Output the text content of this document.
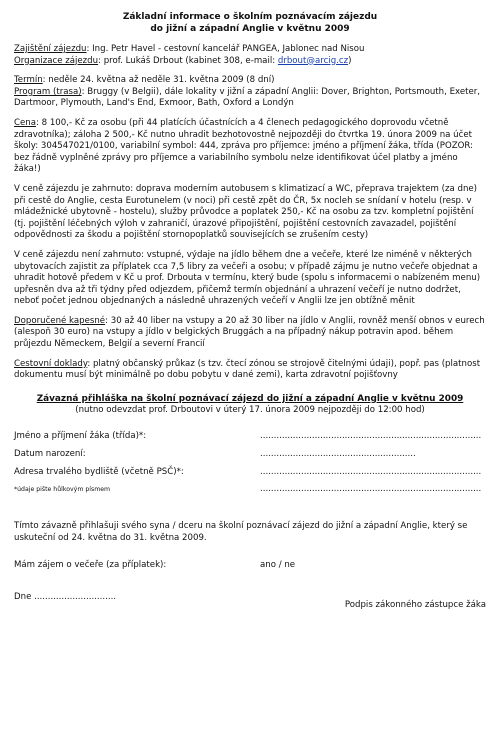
Základní informace o školním poznávacím zájezdu
do jižní a západní Anglie v květnu 2009

Zajištění zájezdu: Ing. Petr Havel - cestovní kancelář PANGEA, Jablonec nad Nisou
Organizace zájezdu: prof. Lukáš Drbout (kabinet 308, e-mail: drbout@arcig.cz)

Termín: neděle 24. května až neděle 31. května 2009 (8 dní)
Program (trasa): Bruggy (v Belgii), dále lokality v jižní a západní Anglii: Dover, Brighton, Portsmouth, Exeter, Dartmoor, Plymouth, Land's End, Exmoor, Bath, Oxford a Londýn

Cena: 8 100,- Kč za osobu (při 44 platících účastnících a 4 členech pedagogického doprovodu včetně zdravotníka); záloha 2 500,- Kč nutno uhradit bezhotovostně nejpozději do čtvrtka 19. února 2009 na účet školy: 304547021/0100, variabilní symbol: 444, zpráva pro příjemce: jméno a příjmení žáka, třída (POZOR: bez řádně vyplněné zprávy pro příjemce a variabilního symbolu nelze identifikovat účel platby a jméno žáka!)

V ceně zájezdu je zahrnuto: doprava moderním autobusem s klimatizací a WC, přeprava trajektem (za dne) při cestě do Anglie, cesta Eurotunelem (v noci) při cestě zpět do ČR, 5x nocleh se snídaní v hotelu (resp. v mládežnické ubytovně - hostelu), služby průvodce a poplatek 250,- Kč na osobu za tzv. kompletní pojištění (tj. pojištění léčebných výloh v zahraničí, úrazové připojištění, pojištění cestovních zavazadel, pojištění odpovědnosti za škodu a pojištění stornopoplatků souvisejících se zrušením cesty)

V ceně zájezdu není zahrnuto: vstupné, výdaje na jídlo během dne a večeře, které lze niméně v některých ubytovacích zajistit za příplatek cca 7,5 libry za večeři a osobu; v případě zájmu je nutno večeře objednat a uhradit hotově předem v Kč u prof. Drbouta v termínu, který bude (spolu s informacemi o nabízeném menu) upřesněn dva až tři týdny před odjezdem, přičemž termín objednání a uhrazení večeří je nutno dodržet, neboť počet jednou objednaných a následně uhrazených večeří v Anglii lze jen obtížně měnit

Doporučené kapesné: 30 až 40 liber na vstupy a 20 až 30 liber na jídlo v Anglii, rovněž menší obnos v eurech (alespoň 30 euro) na vstupy a jídlo v belgických Bruggách a na případný nákup potravin apod. během průjezdu Německem, Belgií a severní Francií

Cestovní doklady: platný občanský průkaz (s tzv. čtecí zónou se strojově čitelnými údaji), popř. pas (platnost dokumentu musí být minimálně po dobu pobytu v dané zemi), karta zdravotní pojišťovny

Závazná přihláška na školní poznávací zájezd do jižní a západní Anglie v květnu 2009
(nutno odevzdat prof. Drboutovi v úterý 17. února 2009 nejpozději do 12:00 hod)
Jméno a příjmení žáka (třída)*:	.................................................................................
Datum narození:	.........................................................
Adresa trvalého bydliště (včetně PSČ)*:	.................................................................................
*údaje pište hůlkovým písmem	.................................................................................

Tímto závazně přihlašuji svého syna / dceru na školní poznávací zájezd do jižní a západní Anglie, který se uskuteční od 24. května do 31. května 2009.

Mám zájem o večeře (za příplatek):	ano / ne
Dne ..............................
Podpis zákonného zástupce žáka
